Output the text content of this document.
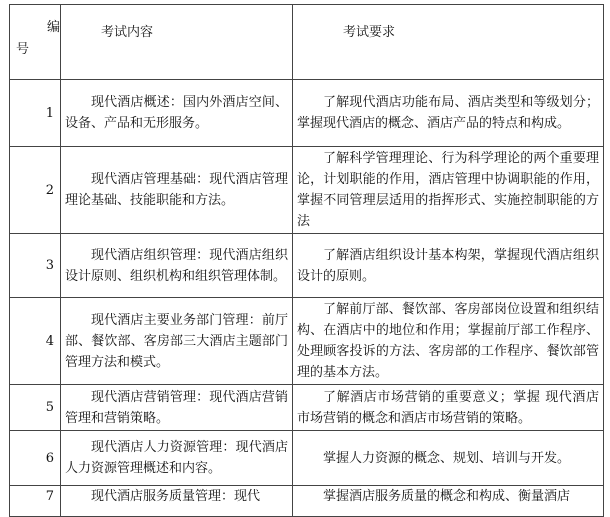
编
号	考试内容	考试要求
1	现代酒店概述：国内外酒店空间、设备、产品和无形服务。	了解现代酒店功能布局、酒店类型和等级划分；掌握现代酒店的概念、酒店产品的特点和构成。
2	现代酒店管理基础：现代酒店管理理论基础、技能职能和方法。	了解科学管理理论、行为科学理论的两个重要理论，计划职能的作用，酒店管理中协调职能的作用，掌握不同管理层适用的指挥形式、实施控制职能的方法
3	现代酒店组织管理：现代酒店组织设计原则、组织机构和组织管理体制。	了解酒店组织设计基本构架，掌握现代酒店组织设计的原则。
4	现代酒店主要业务部门管理：前厅部、餐饮部、客房部三大酒店主题部门管理方法和模式。	了解前厅部、餐饮部、客房部岗位设置和组织结构、在酒店中的地位和作用；掌握前厅部工作程序、处理顾客投诉的方法、客房部的工作程序、餐饮部管理的基本方法。
5	现代酒店营销管理：现代酒店营销管理和营销策略。	了解酒店市场营销的重要意义；掌握 现代酒店市场营销的概念和酒店市场营销的策略。
6	现代酒店人力资源管理：现代酒店人力资源管理概述和内容。	掌握人力资源的概念、规划、培训与开发。
7	现代酒店服务质量管理：现代	掌握酒店服务质量的概念和构成、衡量酒店
